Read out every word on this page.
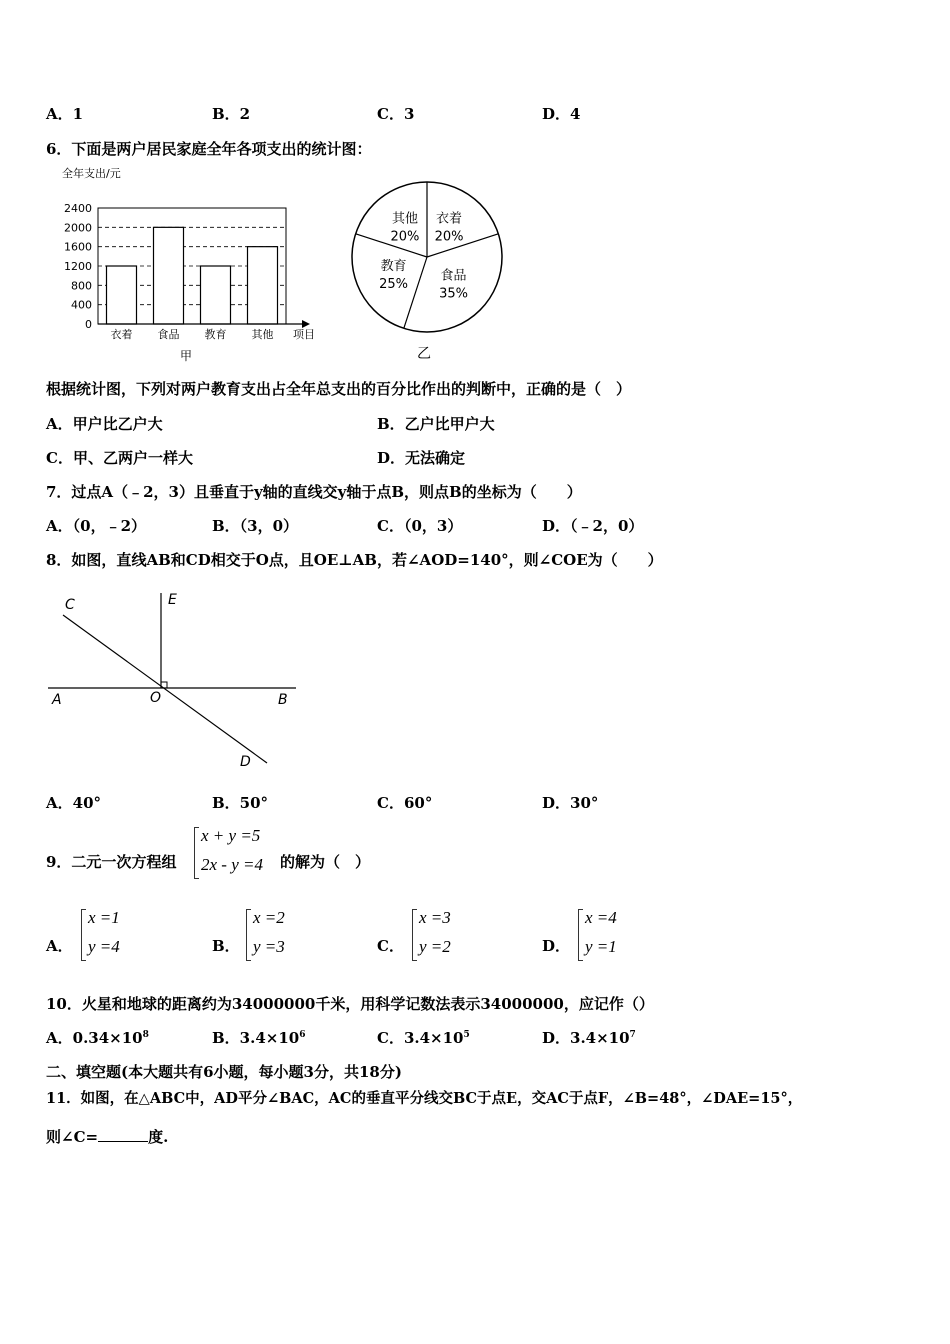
A．1	B．2	C．3	D．4
6．下面是两户居民家庭全年各项支出的统计图：
全年支出/元
0
400
800
1200
1600
2000
2400
衣着 食品 教育 其他 项目
甲
其他
20%
衣着
20%
教育
25%
食品
35%
乙
根据统计图，下列对两户教育支出占全年总支出的百分比作出的判断中，正确的是（　）
A．甲户比乙户大	B．乙户比甲户大
C．甲、乙两户一样大	D．无法确定
7．过点A（﹣2，3）且垂直于y轴的直线交y轴于点B，则点B的坐标为（　　）
A．（0，﹣2）	B．（3，0）	C．（0，3）	D．（﹣2，0）
8．如图，直线AB和CD相交于O点，且OE⊥AB，若∠AOD=140°，则∠COE为（　　）
C	E
A	O	B
D
A．40°	B．50°	C．60°	D．30°
9．二元一次方程组
x + y =5
2x - y =4 的解为（　）
A．
x =1
y =4	B．
x =2
y =3	C．
x =3
y =2	D．
x =4
y =1
10．火星和地球的距离约为34000000千米，用科学记数法表示34000000，应记作（）
A．$0.34\times 10^8$	B．$3.4\times 10^6$	C．$3.4\times 10^5$	D．$3.4\times 10^7$
二、填空题(本大题共有6小题，每小题3分，共18分)
11．如图，在△ABC中，AD平分∠BAC，AC的垂直平分线交BC于点E，交AC于点F，∠B=48°，∠DAE=15°，
则∠C=	度.
